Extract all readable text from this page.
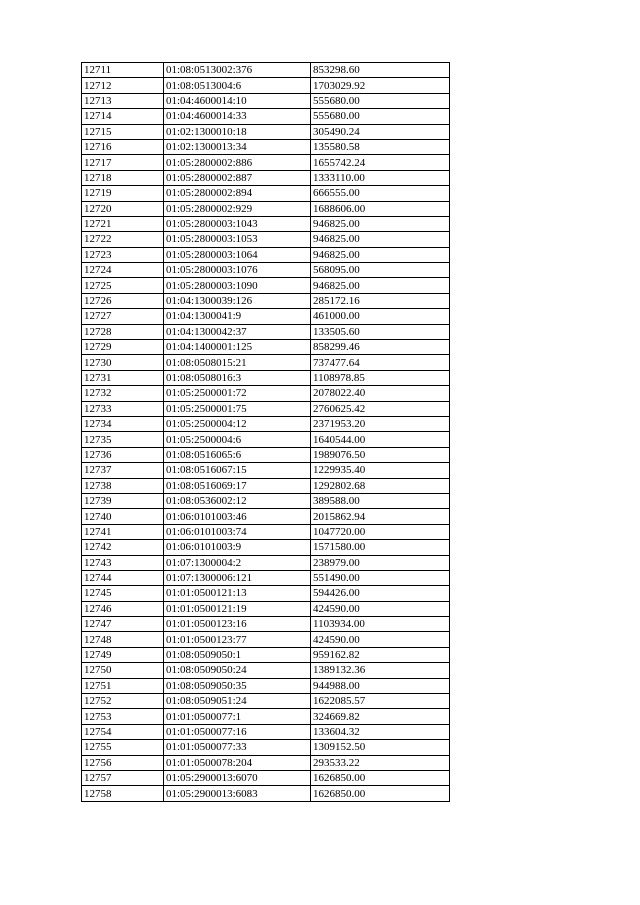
12711	01:08:0513002:376	853298.60
12712	01:08:0513004:6	1703029.92
12713	01:04:4600014:10	555680.00
12714	01:04:4600014:33	555680.00
12715	01:02:1300010:18	305490.24
12716	01:02:1300013:34	135580.58
12717	01:05:2800002:886	1655742.24
12718	01:05:2800002:887	1333110.00
12719	01:05:2800002:894	666555.00
12720	01:05:2800002:929	1688606.00
12721	01:05:2800003:1043	946825.00
12722	01:05:2800003:1053	946825.00
12723	01:05:2800003:1064	946825.00
12724	01:05:2800003:1076	568095.00
12725	01:05:2800003:1090	946825.00
12726	01:04:1300039:126	285172.16
12727	01:04:1300041:9	461000.00
12728	01:04:1300042:37	133505.60
12729	01:04:1400001:125	858299.46
12730	01:08:0508015:21	737477.64
12731	01:08:0508016:3	1108978.85
12732	01:05:2500001:72	2078022.40
12733	01:05:2500001:75	2760625.42
12734	01:05:2500004:12	2371953.20
12735	01:05:2500004:6	1640544.00
12736	01:08:0516065:6	1989076.50
12737	01:08:0516067:15	1229935.40
12738	01:08:0516069:17	1292802.68
12739	01:08:0536002:12	389588.00
12740	01:06:0101003:46	2015862.94
12741	01:06:0101003:74	1047720.00
12742	01:06:0101003:9	1571580.00
12743	01:07:1300004:2	238979.00
12744	01:07:1300006:121	551490.00
12745	01:01:0500121:13	594426.00
12746	01:01:0500121:19	424590.00
12747	01:01:0500123:16	1103934.00
12748	01:01:0500123:77	424590.00
12749	01:08:0509050:1	959162.82
12750	01:08:0509050:24	1389132.36
12751	01:08:0509050:35	944988.00
12752	01:08:0509051:24	1622085.57
12753	01:01:0500077:1	324669.82
12754	01:01:0500077:16	133604.32
12755	01:01:0500077:33	1309152.50
12756	01:01:0500078:204	293533.22
12757	01:05:2900013:6070	1626850.00
12758	01:05:2900013:6083	1626850.00
